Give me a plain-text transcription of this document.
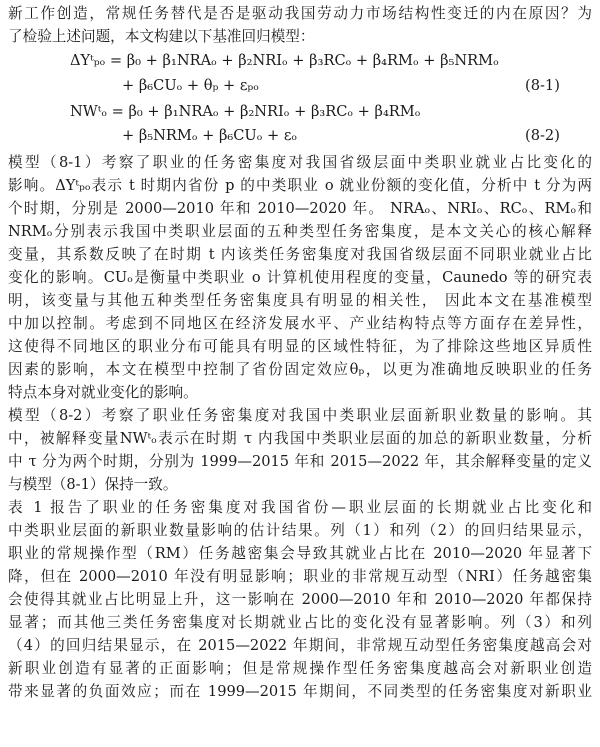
新工作创造，常规任务替代是否是驱动我国劳动力市场结构性变迁的内在原因？为
了检验上述问题，本文构建以下基准回归模型：
ΔYᵗₚₒ = β₀ + β₁NRAₒ + β₂NRIₒ + β₃RCₒ + β₄RMₒ + β₅NRMₒ
+ β₆CUₒ + θₚ + εₚₒ	(8-1)
NWᵗₒ = β₀ + β₁NRAₒ + β₂NRIₒ + β₃RCₒ + β₄RMₒ
+ β₅NRMₒ + β₆CUₒ + εₒ	(8-2)
模型（8-1）考察了职业的任务密集度对我国省级层面中类职业就业占比变化的
影响。ΔYᵗₚₒ表示 t 时期内省份 p 的中类职业 o 就业份额的变化值，分析中 t 分为两
个时期，分别是 2000—2010 年和 2010—2020 年。 NRAₒ、NRIₒ、RCₒ、RMₒ和
NRMₒ分别表示我国中类职业层面的五种类型任务密集度，是本文关心的核心解释
变量，其系数反映了在时期 t 内该类任务密集度对我国省级层面不同职业就业占比
变化的影响。CUₒ是衡量中类职业 o 计算机使用程度的变量，Caunedo 等的研究表
明，该变量与其他五种类型任务密集度具有明显的相关性， 因此本文在基准模型
中加以控制。考虑到不同地区在经济发展水平、产业结构特点等方面存在差异性，
这使得不同地区的职业分布可能具有明显的区域性特征，为了排除这些地区异质性
因素的影响，本文在模型中控制了省份固定效应θₚ，以更为准确地反映职业的任务
特点本身对就业变化的影响。
模型（8-2）考察了职业任务密集度对我国中类职业层面新职业数量的影响。其
中，被解释变量NWᵗₒ表示在时期 τ 内我国中类职业层面的加总的新职业数量，分析
中 τ 分为两个时期，分别为 1999—2015 年和 2015—2022 年，其余解释变量的定义
与模型（8-1）保持一致。
表 1 报告了职业的任务密集度对我国省份—职业层面的长期就业占比变化和
中类职业层面的新职业数量影响的估计结果。列（1）和列（2）的回归结果显示，
职业的常规操作型（RM）任务越密集会导致其就业占比在 2010—2020 年显著下
降，但在 2000—2010 年没有明显影响；职业的非常规互动型（NRI）任务越密集
会使得其就业占比明显上升，这一影响在 2000—2010 年和 2010—2020 年都保持
显著；而其他三类任务密集度对长期就业占比的变化没有显著影响。列（3）和列
（4）的回归结果显示，在 2015—2022 年期间，非常规互动型任务密集度越高会对
新职业创造有显著的正面影响；但是常规操作型任务密集度越高会对新职业创造
带来显著的负面效应；而在 1999—2015 年期间，不同类型的任务密集度对新职业
